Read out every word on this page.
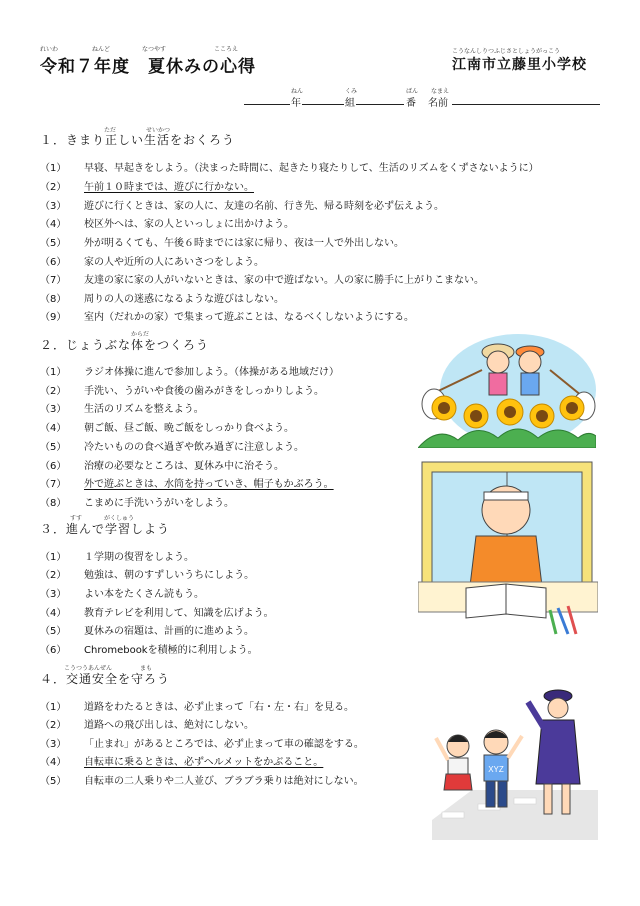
れいわ	ねんど	なつやす	こころえ
令和７年度　夏休みの心得
こうなんしりつふじさとしょうがっこう
江南市立藤里小学校
ねん	くみ	ばん なまえ
年	組	番 名前
ただ	せいかつ
１．きまり正しい生活をおくろう
（1） 早寝、早起きをしよう。（決まった時間に、起きたり寝たりして、生活のリズムをくずさないように）
（2） 午前１０時までは、遊びに行かない。
（3） 遊びに行くときは、家の人に、友達の名前、行き先、帰る時刻を必ず伝えよう。
（4） 校区外へは、家の人といっしょに出かけよう。
（5） 外が明るくても、午後６時までには家に帰り、夜は一人で外出しない。
（6） 家の人や近所の人にあいさつをしよう。
（7） 友達の家に家の人がいないときは、家の中で遊ばない。人の家に勝手に上がりこまない。
（8） 周りの人の迷惑になるような遊びはしない。
（9） 室内（だれかの家）で集まって遊ぶことは、なるべくしないようにする。
からだ
２．じょうぶな体をつくろう
（1） ラジオ体操に進んで参加しよう。（体操がある地域だけ）
（2） 手洗い、うがいや食後の歯みがきをしっかりしよう。
（3） 生活のリズムを整えよう。
（4） 朝ご飯、昼ご飯、晩ご飯をしっかり食べよう。
（5） 冷たいものの食べ過ぎや飲み過ぎに注意しよう。
（6） 治療の必要なところは、夏休み中に治そう。
（7） 外で遊ぶときは、水筒を持っていき、帽子もかぶろう。
（8） こまめに手洗いうがいをしよう。
すす	がくしゅう
３．進んで学習しよう
（1） １学期の復習をしよう。
（2） 勉強は、朝のすずしいうちにしよう。
（3） よい本をたくさん読もう。
（4） 教育テレビを利用して、知識を広げよう。
（5） 夏休みの宿題は、計画的に進めよう。
（6） Chromebookを積極的に利用しよう。
こうつうあんぜん	まも
４．交通安全を守ろう
（1） 道路をわたるときは、必ず止まって「右・左・右」を見る。
（2） 道路への飛び出しは、絶対にしない。
（3） 「止まれ」があるところでは、必ず止まって車の確認をする。
（4） 自転車に乗るときは、必ずヘルメットをかぶること。
（5） 自転車の二人乗りや二人並び、ブラブラ乗りは絶対にしない。
XYZ
